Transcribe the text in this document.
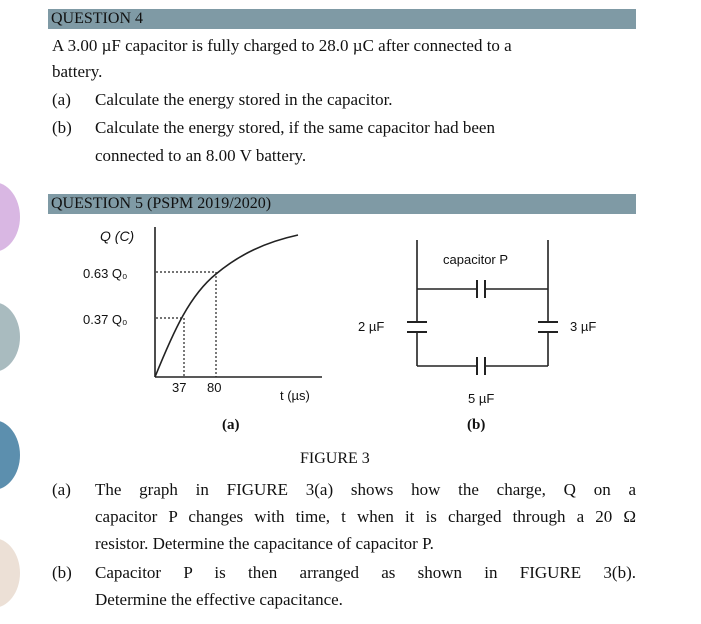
QUESTION 4
A 3.00 µF capacitor is fully charged to 28.0 µC after connected to a
battery.
(a) Calculate the energy stored in the capacitor.
(b) Calculate the energy stored, if the same capacitor had been
connected to an 8.00 V battery.
QUESTION 5 (PSPM 2019/2020)
Q (C)
0.63 Q₀
0.37 Q₀
37 80
t (µs)
(a)
capacitor P
2 µF	3 µF
5 µF
(b)
FIGURE 3
(a) The graph in FIGURE 3(a) shows how the charge, Q on a
capacitor P changes with time, t when it is charged through a 20 Ω
resistor. Determine the capacitance of capacitor P.
(b) Capacitor P is then arranged as shown in FIGURE 3(b).
Determine the effective capacitance.
